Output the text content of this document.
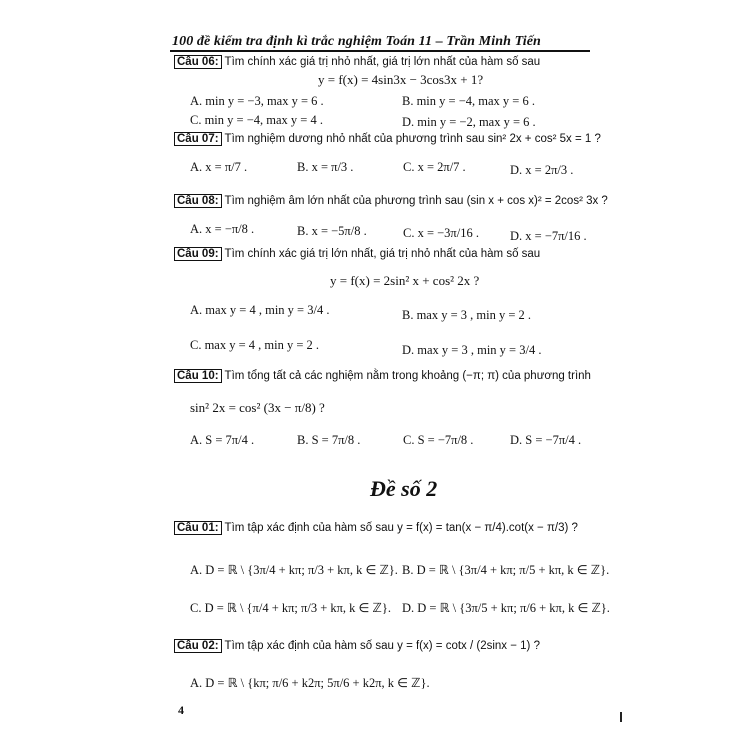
100 đề kiểm tra định kì trắc nghiệm Toán 11 – Trần Minh Tiến
Câu 06: Tìm chính xác giá trị nhỏ nhất, giá trị lớn nhất của hàm số sau
y = f(x) = 4sin3x − 3cos3x + 1?
A. min y = −3, max y = 6 .	B. min y = −4, max y = 6 .
C. min y = −4, max y = 4 .	D. min y = −2, max y = 6 .
Câu 07: Tìm nghiệm dương nhỏ nhất của phương trình sau sin² 2x + cos² 5x = 1 ?
A. x = π/7 .	B. x = π/3 .	C. x = 2π/7 .	D. x = 2π/3 .
Câu 08: Tìm nghiệm âm lớn nhất của phương trình sau (sin x + cos x)² = 2cos² 3x ?
A. x = −π/8 .	B. x = −5π/8 .	C. x = −3π/16 . D. x = −7π/16 .
Câu 09: Tìm chính xác giá trị lớn nhất, giá trị nhỏ nhất của hàm số sau
y = f(x) = 2sin² x + cos² 2x ?
A. max y = 4 , min y = 3/4 .	B. max y = 3 , min y = 2 .
C. max y = 4 , min y = 2 .	D. max y = 3 , min y = 3/4 .
Câu 10: Tìm tổng tất cả các nghiệm nằm trong khoảng (−π; π) của phương trình
sin² 2x = cos² (3x − π/8) ?
A. S = 7π/4 .	B. S = 7π/8 .	C. S = −7π/8 .	D. S = −7π/4 .
Đề số 2
Câu 01: Tìm tập xác định của hàm số sau y = f(x) = tan(x − π/4).cot(x − π/3) ?
A. D = ℝ \ {3π/4 + kπ; π/3 + kπ, k ∈ ℤ}. B. D = ℝ \ {3π/4 + kπ; π/5 + kπ, k ∈ ℤ}.
C. D = ℝ \ {π/4 + kπ; π/3 + kπ, k ∈ ℤ}. D. D = ℝ \ {3π/5 + kπ; π/6 + kπ, k ∈ ℤ}.
Câu 02: Tìm tập xác định của hàm số sau y = f(x) = cotx / (2sinx − 1) ?
A. D = ℝ \ {kπ; π/6 + k2π; 5π/6 + k2π, k ∈ ℤ}.
4
